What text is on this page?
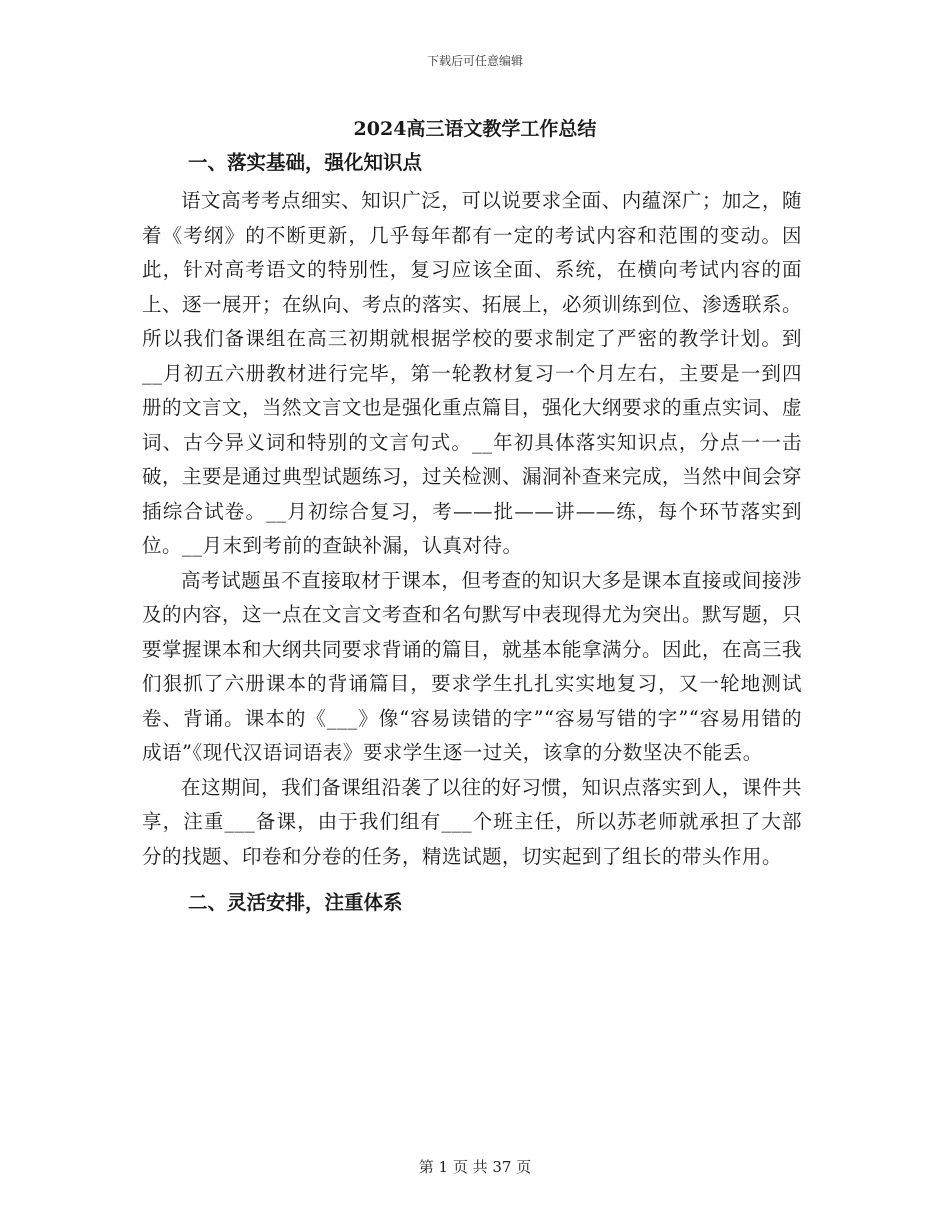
下载后可任意编辑
2024高三语文教学工作总结

一、落实基础，强化知识点

语文高考考点细实、知识广泛，可以说要求全面、内蕴深广；加之，随着《考纲》的不断更新，几乎每年都有一定的考试内容和范围的变动。因此，针对高考语文的特别性，复习应该全面、系统，在横向考试内容的面上、逐一展开；在纵向、考点的落实、拓展上，必须训练到位、渗透联系。所以我们备课组在高三初期就根据学校的要求制定了严密的教学计划。到__月初五六册教材进行完毕，第一轮教材复习一个月左右，主要是一到四册的文言文，当然文言文也是强化重点篇目，强化大纲要求的重点实词、虚词、古今异义词和特别的文言句式。__年初具体落实知识点，分点一一击破，主要是通过典型试题练习，过关检测、漏洞补查来完成，当然中间会穿插综合试卷。__月初综合复习，考——批——讲——练，每个环节落实到位。__月末到考前的查缺补漏，认真对待。

高考试题虽不直接取材于课本，但考查的知识大多是课本直接或间接涉及的内容，这一点在文言文考查和名句默写中表现得尤为突出。默写题，只要掌握课本和大纲共同要求背诵的篇目，就基本能拿满分。因此，在高三我们狠抓了六册课本的背诵篇目，要求学生扎扎实实地复习，又一轮地测试卷、背诵。课本的《___》像“容易读错的字”“容易写错的字”“容易用错的成语”《现代汉语词语表》要求学生逐一过关，该拿的分数坚决不能丢。

在这期间，我们备课组沿袭了以往的好习惯，知识点落实到人，课件共享，注重___备课，由于我们组有___个班主任，所以苏老师就承担了大部分的找题、印卷和分卷的任务，精选试题，切实起到了组长的带头作用。

二、灵活安排，注重体系

第 1 页 共 37 页
